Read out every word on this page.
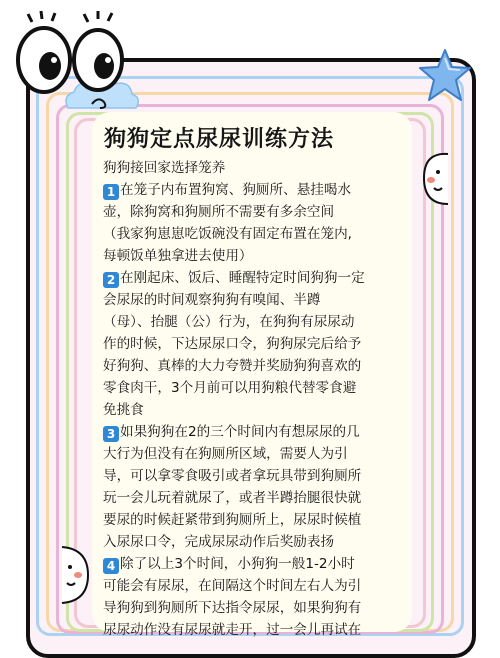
狗狗定点尿尿训练方法
狗狗接回家选择笼养
1 在笼子内布置狗窝、狗厕所、悬挂喝水
壶，除狗窝和狗厕所不需要有多余空间
（我家狗崽崽吃饭碗没有固定布置在笼内,
每顿饭单独拿进去使用）
2 在刚起床、饭后、睡醒特定时间狗狗一定
会尿尿的时间观察狗狗有嗅闻、半蹲
（母）、抬腿（公）行为，在狗狗有尿尿动
作的时候，下达尿尿口令，狗狗尿完后给予
好狗狗、真棒的大力夸赞并奖励狗狗喜欢的
零食肉干，3个月前可以用狗粮代替零食避
免挑食
3 如果狗狗在2的三个时间内有想尿尿的几
大行为但没有在狗厕所区域，需要人为引
导，可以拿零食吸引或者拿玩具带到狗厕所
玩一会儿玩着就尿了，或者半蹲抬腿很快就
要尿的时候赶紧带到狗厕所上，尿尿时候植
入尿尿口令，完成尿尿动作后奖励表扬
4 除了以上3个时间，小狗狗一般1-2小时
可能会有尿尿，在间隔这个时间左右人为引
导狗狗到狗厕所下达指令尿尿，如果狗狗有
尿尿动作没有尿尿就走开，过一会儿再试在
